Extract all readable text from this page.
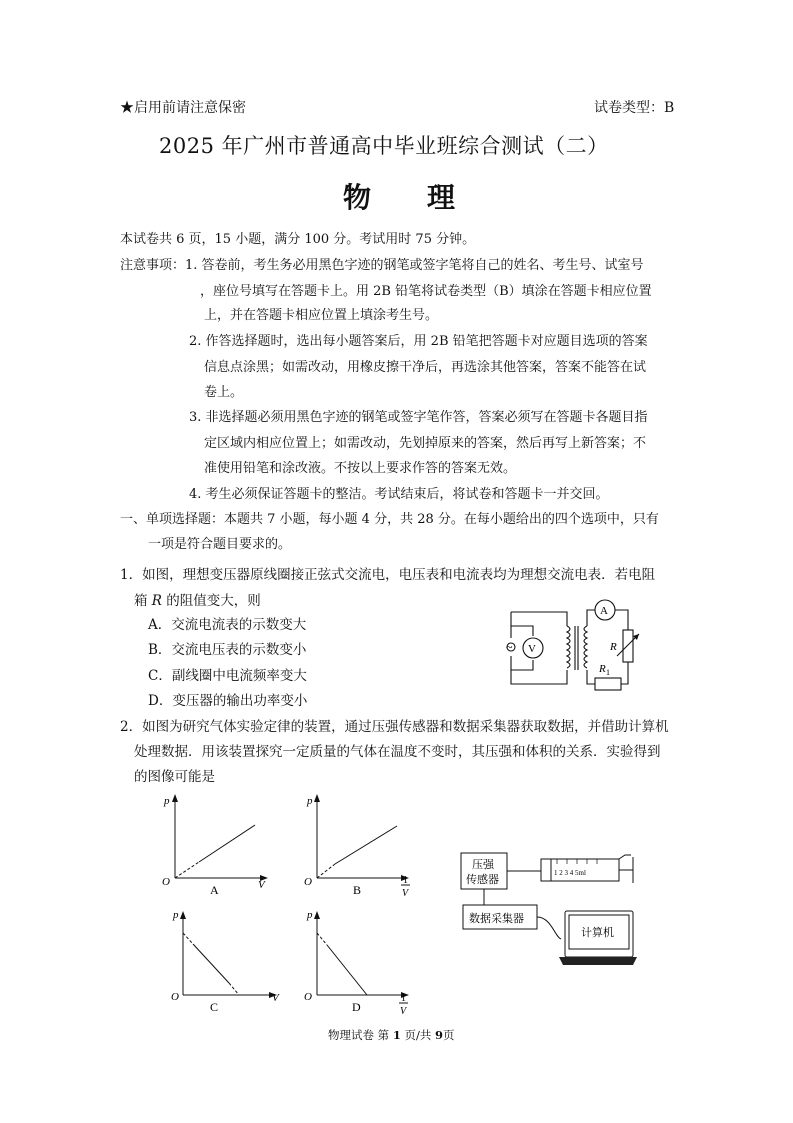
★启用前请注意保密	试卷类型：B
2025 年广州市普通高中毕业班综合测试（二）
物　　理
本试卷共 6 页，15 小题，满分 100 分。考试用时 75 分钟。
注意事项： 1. 答卷前，考生务必用黑色字迹的钢笔或签字笔将自己的姓名、考生号、试室号
，座位号填写在答题卡上。用 2B 铅笔将试卷类型（B）填涂在答题卡相应位置
上，并在答题卡相应位置上填涂考生号。
2. 作答选择题时，选出每小题答案后，用 2B 铅笔把答题卡对应题目选项的答案
信息点涂黑；如需改动，用橡皮擦干净后，再选涂其他答案，答案不能答在试
卷上。
3. 非选择题必须用黑色字迹的钢笔或签字笔作答，答案必须写在答题卡各题目指
定区域内相应位置上；如需改动，先划掉原来的答案，然后再写上新答案；不
准使用铅笔和涂改液。不按以上要求作答的答案无效。
4. 考生必须保证答题卡的整洁。考试结束后，将试卷和答题卡一并交回。
一、单项选择题：本题共 7 小题，每小题 4 分，共 28 分。在每小题给出的四个选项中，只有
一项是符合题目要求的。
1．如图，理想变压器原线圈接正弦式交流电，电压表和电流表均为理想交流电表．若电阻
箱 R 的阻值变大，则
A．交流电流表的示数变大
B．交流电压表的示数变小
C．副线圈中电流频率变大
D．变压器的输出功率变小
~ V
A
R
R 1
2．如图为研究气体实验定律的装置，通过压强传感器和数据采集器获取数据，并借助计算机
处理数据．用该装置探究一定质量的气体在温度不变时，其压强和体积的关系．实验得到
的图像可能是
p
O	V
A
p
O	1
V
B
p
O	V
C
p
O	1
V
D
压强
传感器
1 2 3 4 5ml
数据采集器
计算机
物理试卷 第 1 页/共 9页
